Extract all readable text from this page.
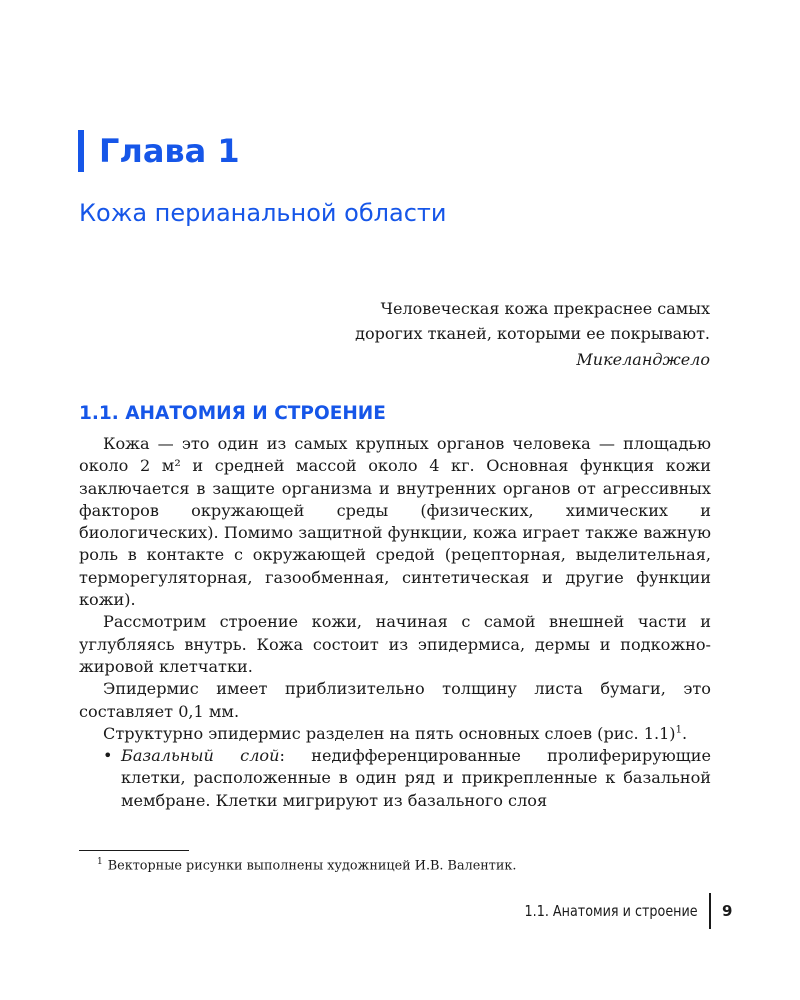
Глава 1
Кожа перианальной области
Человеческая кожа прекраснее самых
дорогих тканей, которыми ее покрывают.
Микеланджело
1.1. АНАТОМИЯ И СТРОЕНИЕ

Кожа — это один из самых крупных органов человека — площадью около 2 м² и средней массой около 4 кг. Основная функция кожи заключается в защите организма и внутренних органов от агрессивных факторов окружающей среды (физических, химических и биологических). Помимо защитной функции, кожа играет также важную роль в контакте с окружающей средой (рецепторная, выделительная, терморегуляторная, газообменная, синтетическая и другие функции кожи).

Рассмотрим строение кожи, начиная с самой внешней части и углубляясь внутрь. Кожа состоит из эпидермиса, дермы и подкожно-жировой клетчатки.

Эпидермис имеет приблизительно толщину листа бумаги, это составляет 0,1 мм.

Структурно эпидермис разделен на пять основных слоев (рис. 1.1)$^1$.

• Базальный слой: недифференцированные пролиферирующие клетки, расположенные в один ряд и прикрепленные к базальной мембране. Клетки мигрируют из базального слоя
$^1$ Векторные рисунки выполнены художницей И.В. Валентик.
1.1. Анатомия и строение 9
